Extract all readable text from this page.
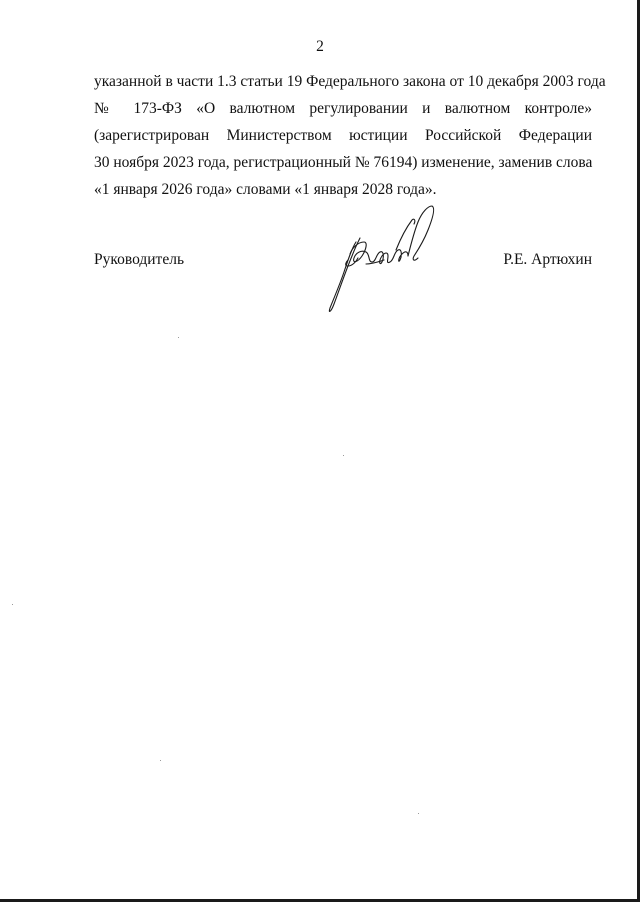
2
указанной в части 1.3 статьи 19 Федерального закона от 10 декабря 2003 года
№ 173-ФЗ «О валютном регулировании и валютном контроле»
(зарегистрирован Министерством юстиции Российской Федерации
30 ноября 2023 года, регистрационный № 76194) изменение, заменив слова
«1 января 2026 года» словами «1 января 2028 года».
Руководитель	Р.Е. Артюхин
